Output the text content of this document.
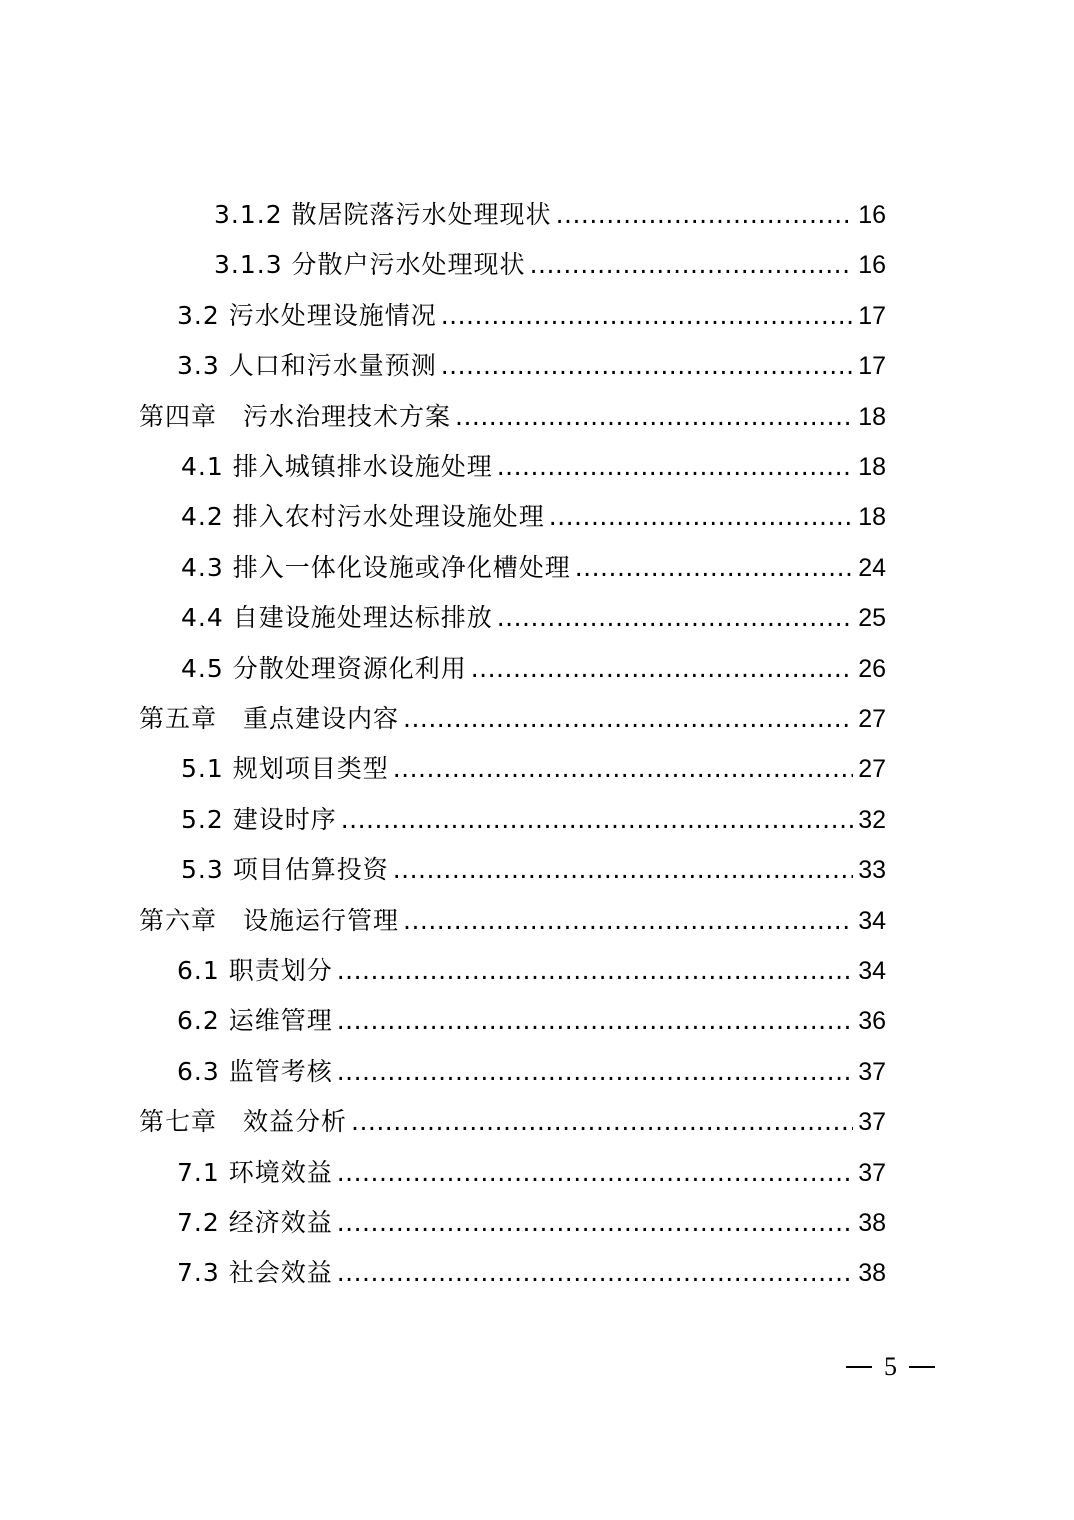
3.1.2 散居院落污水处理现状 .....	16
3.1.3 分散户污水处理现状 .....	16
3.2 污水处理设施情况 .....	17
3.3 人口和污水量预测 .....	17
第四章　污水治理技术方案 .....	18
4.1 排入城镇排水设施处理 .....	18
4.2 排入农村污水处理设施处理 .....	18
4.3 排入一体化设施或净化槽处理 .....	24
4.4 自建设施处理达标排放 .....	25
4.5 分散处理资源化利用 .....	26
第五章　重点建设内容 .....	27
5.1 规划项目类型 .....	27
5.2 建设时序 .....	32
5.3 项目估算投资 .....	33
第六章　设施运行管理 .....	34
6.1 职责划分 .....	34
6.2 运维管理 .....	36
6.3 监管考核 .....	37
第七章　效益分析 .....	37
7.1 环境效益 .....	37
7.2 经济效益 .....	38
7.3 社会效益 .....	38
5
